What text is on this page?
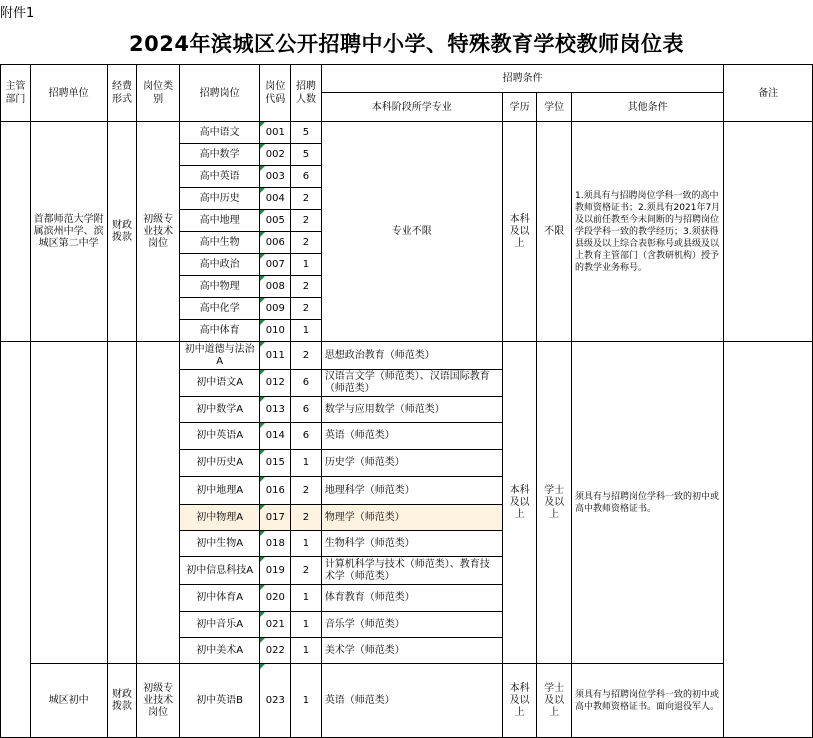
附件1
2024年滨城区公开招聘中小学、特殊教育学校教师岗位表
主管部门	招聘单位	经费形式	岗位类别	招聘岗位	岗位代码	招聘人数	招聘条件				备注
							本科阶段所学专业	学历	学位	其他条件	
	首都师范大学附属滨州中学、滨城区第二中学	财政拨款	初级专业技术岗位	高中语文	001	5	专业不限	本科及以上	不限	1.须具有与招聘岗位学科一致的高中教师资格证书；2.须具有2021年7月及以前任教至今未间断的与招聘岗位学段学科一致的教学经历；3.须获得县级及以上综合表彰称号或县级及以上教育主管部门（含教研机构）授予的教学业务称号。	
				高中数学	002	5					
				高中英语	003	6					
				高中历史	004	2					
				高中地理	005	2					
				高中生物	006	2					
				高中政治	007	1					
				高中物理	008	2					
				高中化学	009	2					
				高中体育	010	1					
				初中道德与法治A	011	2	思想政治教育（师范类）	本科及以上	学士及以上	须具有与招聘岗位学科一致的初中或高中教师资格证书。	
				初中语文A	012	6	汉语言文学（师范类）、汉语国际教育（师范类）				
				初中数学A	013	6	数学与应用数学（师范类）				
				初中英语A	014	6	英语（师范类）				
				初中历史A	015	1	历史学（师范类）				
				初中地理A	016	2	地理科学（师范类）				
				初中物理A	017	2	物理学（师范类）				
				初中生物A	018	1	生物科学（师范类）				
				初中信息科技A	019	2	计算机科学与技术（师范类）、教育技术学（师范类）				
				初中体育A	020	1	体育教育（师范类）				
				初中音乐A	021	1	音乐学（师范类）				
				初中美术A	022	1	美术学（师范类）				
	城区初中	财政拨款	初级专业技术岗位	初中英语B	023	1	英语（师范类）	本科及以上	学士及以上	须具有与招聘岗位学科一致的初中或高中教师资格证书。面向退役军人。	
